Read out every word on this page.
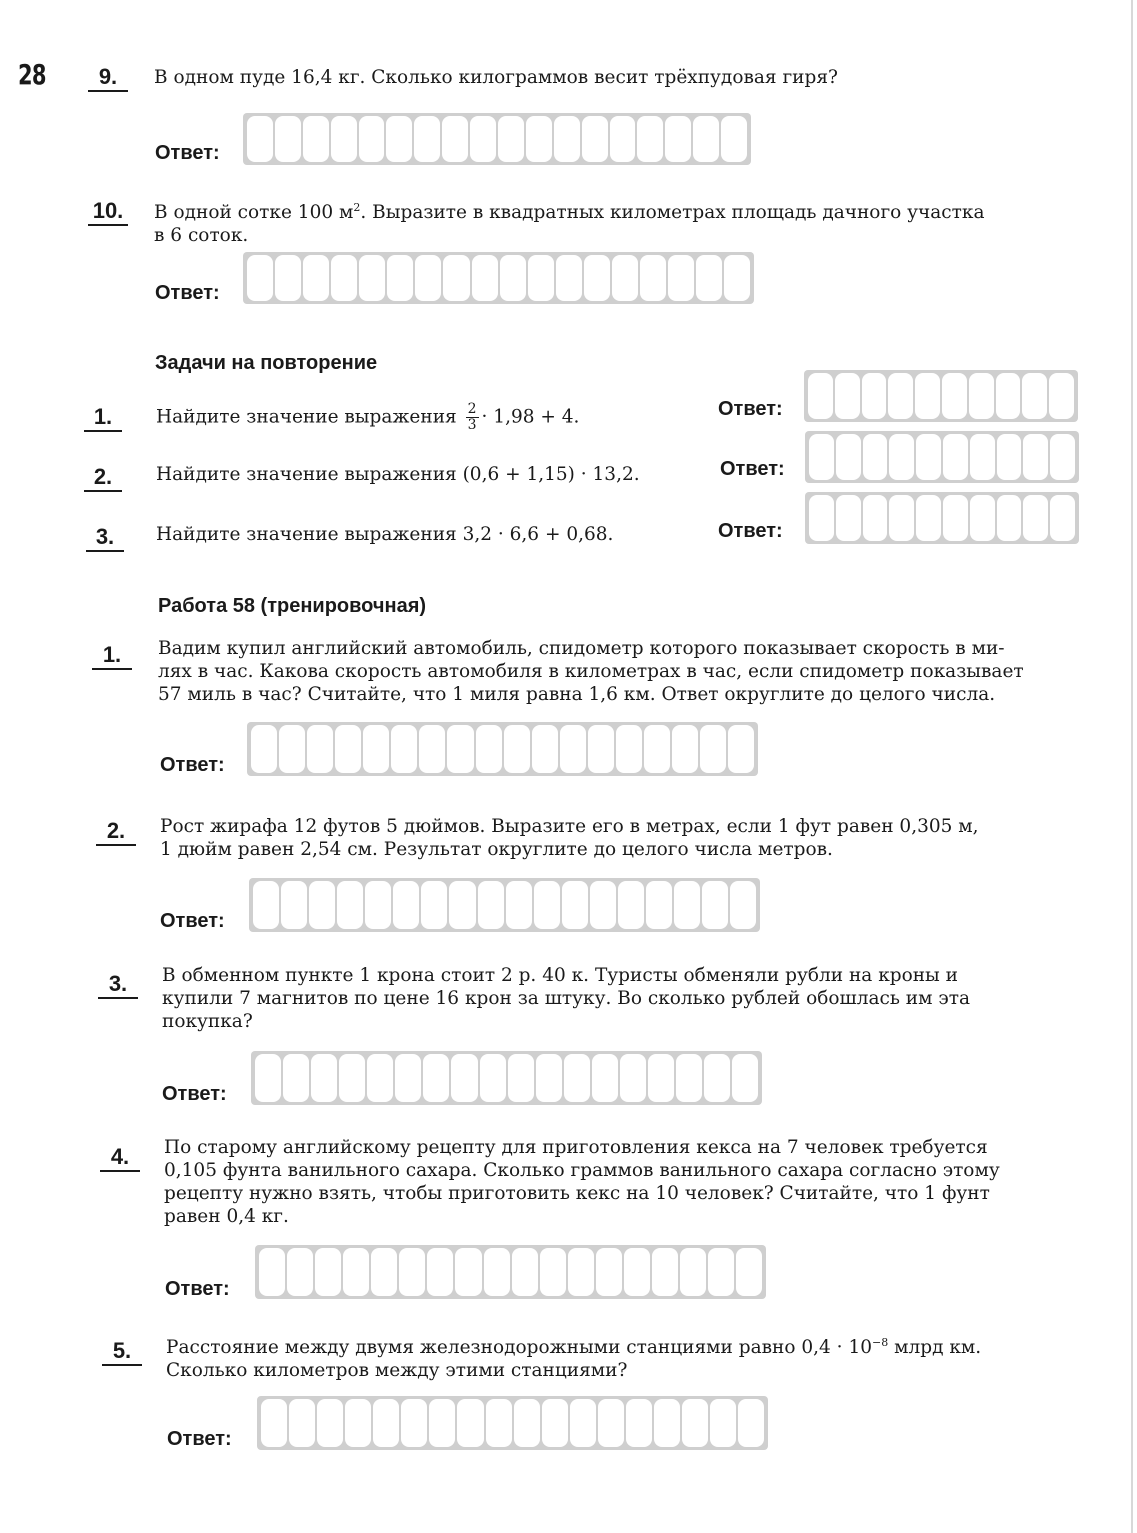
28	9.	В одном пуде 16,4 кг. Сколько килограммов весит трёхпудовая гиря?

Ответ:
10. В одной сотке 100 $м^2$. Выразите в квадратных километрах площадь дачного участка

в 6 соток.

Ответ:
Задачи на повторение
1.	Найдите значение выражения $\frac{2}{3} \cdot 1,98 + 4$.	Ответ:
2.	Найдите значение выражения (0,6 + 1,15) · 13,2.	Ответ:
3.	Найдите значение выражения 3,2 · 6,6 + 0,68.	Ответ:
Работа 58 (тренировочная)
1.	Вадим купил английский автомобиль, спидометр которого показывает скорость в ми-

лях в час. Какова скорость автомобиля в километрах в час, если спидометр показывает

57 миль в час? Считайте, что 1 миля равна 1,6 км. Ответ округлите до целого числа.

Ответ:
2.	Рост жирафа 12 футов 5 дюймов. Выразите его в метрах, если 1 фут равен 0,305 м,

1 дюйм равен 2,54 см. Результат округлите до целого числа метров.

Ответ:
3.	В обменном пункте 1 крона стоит 2 р. 40 к. Туристы обменяли рубли на кроны и

купили 7 магнитов по цене 16 крон за штуку. Во сколько рублей обошлась им эта

покупка?

Ответ:
4.	По старому английскому рецепту для приготовления кекса на 7 человек требуется

0,105 фунта ванильного сахара. Сколько граммов ванильного сахара согласно этому

рецепту нужно взять, чтобы приготовить кекс на 10 человек? Считайте, что 1 фунт

равен 0,4 кг.

Ответ:
5.	Расстояние между двумя железнодорожными станциями равно $0,4 \cdot 10^{-8}$ млрд км.

Сколько километров между этими станциями?

Ответ:
